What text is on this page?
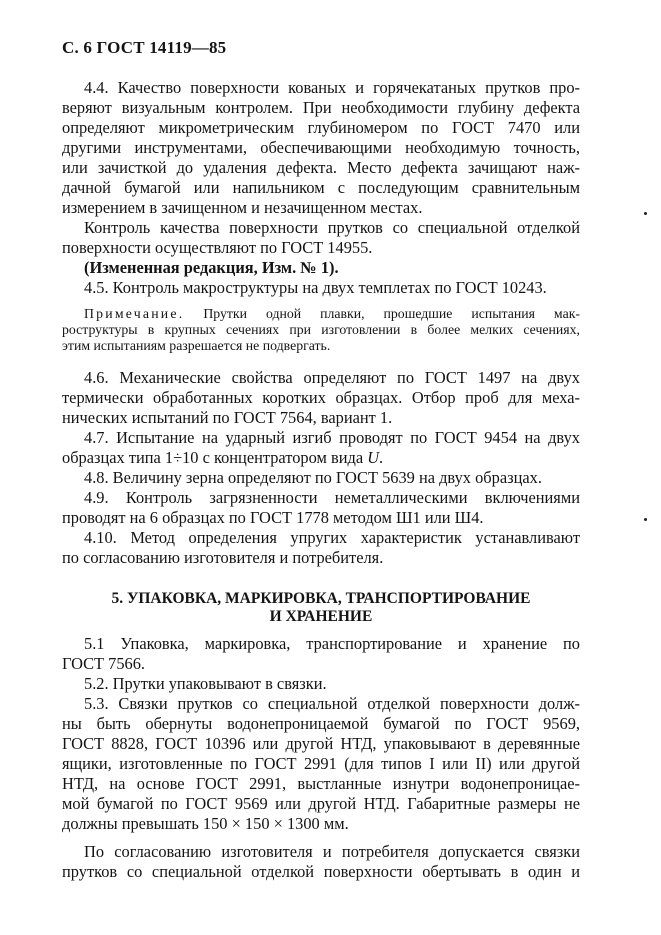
С. 6 ГОСТ 14119—85
4.4. Качество поверхности кованых и горячекатаных прутков про-
веряют визуальным контролем. При необходимости глубину дефекта
определяют микрометрическим глубиномером по ГОСТ 7470 или
другими инструментами, обеспечивающими необходимую точность,
или зачисткой до удаления дефекта. Место дефекта зачищают наж-
дачной бумагой или напильником с последующим сравнительным
измерением в зачищенном и незачищенном местах.
Контроль качества поверхности прутков со специальной отделкой
поверхности осуществляют по ГОСТ 14955.
(Измененная редакция, Изм. № 1).
4.5. Контроль макроструктуры на двух темплетах по ГОСТ 10243.
Примечание. Прутки одной плавки, прошедшие испытания мак-
роструктуры в крупных сечениях при изготовлении в более мелких сечениях,
этим испытаниям разрешается не подвергать.
4.6. Механические свойства определяют по ГОСТ 1497 на двух
термически обработанных коротких образцах. Отбор проб для меха-
нических испытаний по ГОСТ 7564, вариант 1.
4.7. Испытание на ударный изгиб проводят по ГОСТ 9454 на двух
образцах типа 1÷10 с концентратором вида U.
4.8. Величину зерна определяют по ГОСТ 5639 на двух образцах.
4.9. Контроль загрязненности неметаллическими включениями
проводят на 6 образцах по ГОСТ 1778 методом Ш1 или Ш4.
4.10. Метод определения упругих характеристик устанавливают
по согласованию изготовителя и потребителя.
5. УПАКОВКА, МАРКИРОВКА, ТРАНСПОРТИРОВАНИЕ
И ХРАНЕНИЕ
5.1 Упаковка, маркировка, транспортирование и хранение по
ГОСТ 7566.
5.2. Прутки упаковывают в связки.
5.3. Связки прутков со специальной отделкой поверхности долж-
ны быть обернуты водонепроницаемой бумагой по ГОСТ 9569,
ГОСТ 8828, ГОСТ 10396 или другой НТД, упаковывают в деревянные
ящики, изготовленные по ГОСТ 2991 (для типов I или II) или другой
НТД, на основе ГОСТ 2991, выстланные изнутри водонепроницае-
мой бумагой по ГОСТ 9569 или другой НТД. Габаритные размеры не
должны превышать 150 × 150 × 1300 мм.
По согласованию изготовителя и потребителя допускается связки
прутков со специальной отделкой поверхности обертывать в один и
